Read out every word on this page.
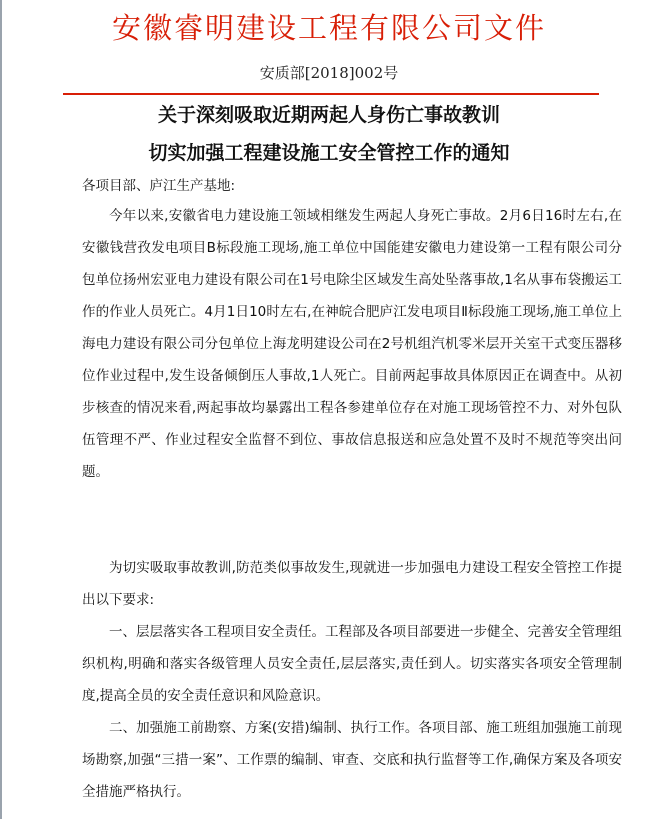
安徽睿明建设工程有限公司文件
安质部[2018]002号
关于深刻吸取近期两起人身伤亡事故教训
切实加强工程建设施工安全管控工作的通知
各项目部、庐江生产基地:

今年以来,安徽省电力建设施工领域相继发生两起人身死亡事故。2月6日16时左右,在安徽钱营孜发电项目B标段施工现场,施工单位中国能建安徽电力建设第一工程有限公司分包单位扬州宏亚电力建设有限公司在1号电除尘区域发生高处坠落事故,1名从事布袋搬运工作的作业人员死亡。4月1日10时左右,在神皖合肥庐江发电项目Ⅱ标段施工现场,施工单位上海电力建设有限公司分包单位上海龙明建设公司在2号机组汽机零米层开关室干式变压器移位作业过程中,发生设备倾倒压人事故,1人死亡。目前两起事故具体原因正在调查中。从初步核查的情况来看,两起事故均暴露出工程各参建单位存在对施工现场管控不力、对外包队伍管理不严、作业过程安全监督不到位、事故信息报送和应急处置不及时不规范等突出问题。

为切实吸取事故教训,防范类似事故发生,现就进一步加强电力建设工程安全管控工作提出以下要求:

一、层层落实各工程项目安全责任。工程部及各项目部要进一步健全、完善安全管理组织机构,明确和落实各级管理人员安全责任,层层落实,责任到人。切实落实各项安全管理制度,提高全员的安全责任意识和风险意识。

二、加强施工前勘察、方案(安措)编制、执行工作。各项目部、施工班组加强施工前现场勘察,加强“三措一案”、工作票的编制、审查、交底和执行监督等工作,确保方案及各项安全措施严格执行。
